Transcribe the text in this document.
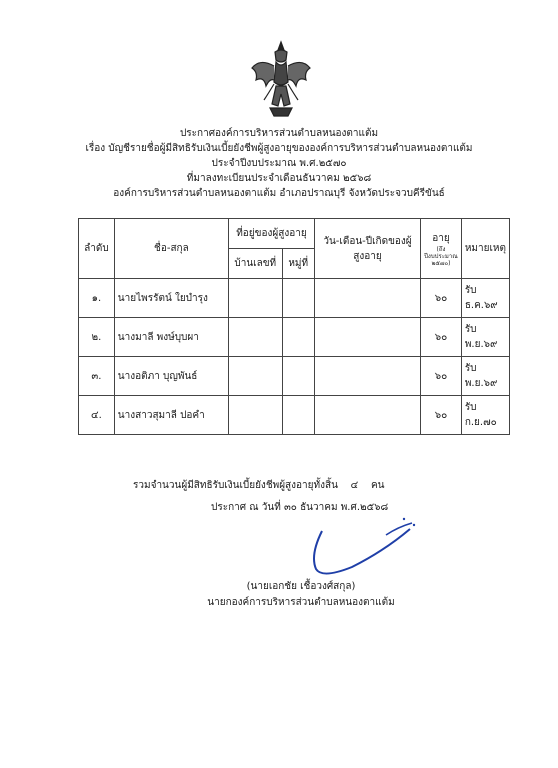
ประกาศองค์การบริหารส่วนตำบลหนองตาแต้ม
เรื่อง บัญชีรายชื่อผู้มีสิทธิรับเงินเบี้ยยังชีพผู้สูงอายุขององค์การบริหารส่วนตำบลหนองตาแต้ม
ประจำปีงบประมาณ พ.ศ.๒๕๗๐
ที่มาลงทะเบียนประจำเดือนธันวาคม ๒๕๖๘
องค์การบริหารส่วนตำบลหนองตาแต้ม อำเภอปราณบุรี จังหวัดประจวบคีรีขันธ์
ลำดับ	ชื่อ-สกุล	ที่อยู่ของผู้สูงอายุ		วัน-เดือน-ปีเกิดของผู้สูงอายุ	อายุ
(ถึงปีงบประมาณ ๒๕๗๐)	หมายเหตุ
		บ้านเลขที่	หมู่ที่			
๑.	นายไพรรัตน์ ใยบำรุง				๖๐	รับ ธ.ค.๖๙
๒.	นางมาลี พงษ์บุบผา				๖๐	รับ พ.ย.๖๙
๓.	นางอติภา บุญพันธ์				๖๐	รับ พ.ย.๖๙
๔.	นางสาวสุมาลี ปอคำ				๖๐	รับ ก.ย.๗๐
รวมจำนวนผู้มีสิทธิรับเงินเบี้ยยังชีพผู้สูงอายุทั้งสิ้น ๔ คน
ประกาศ ณ วันที่ ๓๐ ธันวาคม พ.ศ.๒๕๖๘
(นายเอกชัย เชื้อวงศ์สกุล)
นายกองค์การบริหารส่วนตำบลหนองตาแต้ม
